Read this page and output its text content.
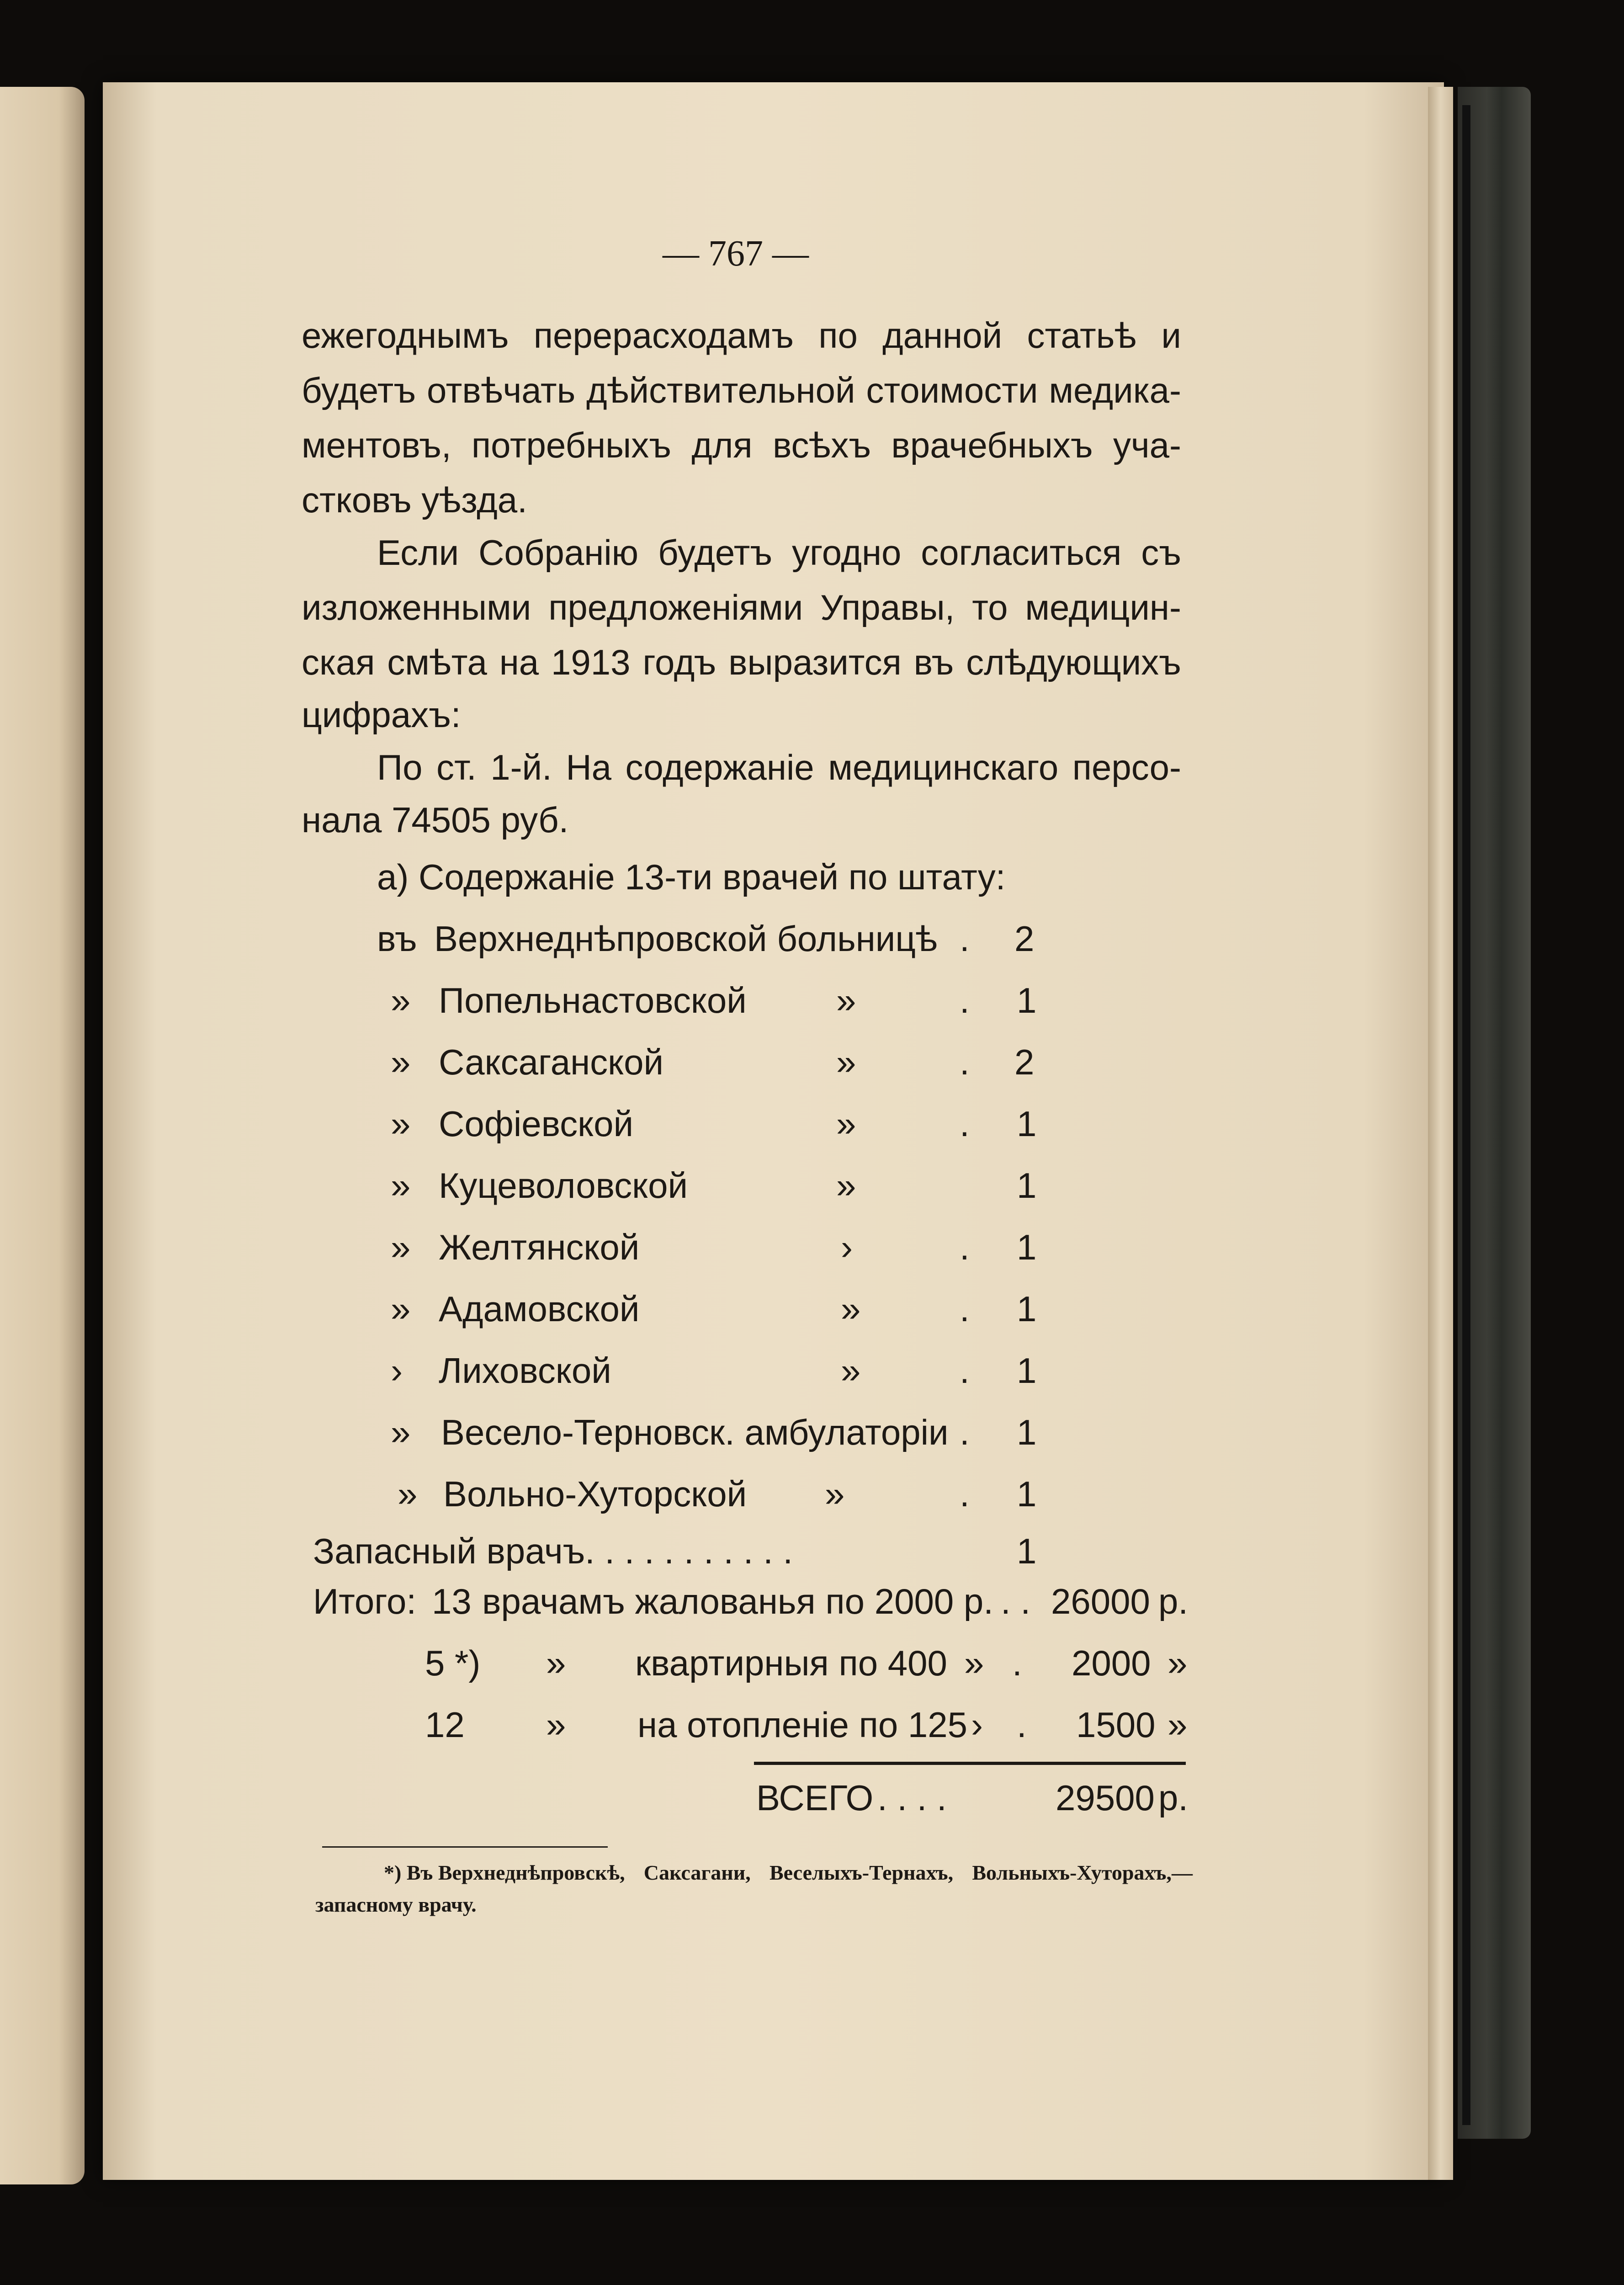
— 767 —
ежегоднымъ перерасходамъ по данной статьѣ и
будетъ отвѣчать дѣйствительной стоимости медика-
ментовъ, потребныхъ для всѣхъ врачебныхъ уча-
стковъ уѣзда.
Если Собранію будетъ угодно согласиться съ
изложенными предложеніями Управы, то медицин-
ская смѣта на 1913 годъ выразится въ слѣдующихъ
цифрахъ:
По ст. 1-й. На содержаніе медицинскаго персо-
нала 74505 руб.
а) Содержаніе 13-ти врачей по штату:
въ Верхнеднѣпровской больницѣ . 2
» Попельнастовской	»	. 1
» Саксаганской	»	. 2
» Софіевской	»	. 1
» Куцеволовской	»	1
» Желтянской	›	. 1
» Адамовской	»	. 1
› Лиховской	»	. 1
» Весело-Терновск. амбулаторіи . 1
» Вольно-Хуторской »	. 1
Запасный врачъ . . . . . . . . . . .	1
Итого: 13 врачамъ жалованья по 2000 р. . . 26000 р.
5 *) » квартирныя по 400 » . 2000 »
12 » на отопленіе по 125 › . 1500 »
ВСЕГО . . . .	29500 р.
*) Въ Верхнеднѣпровскѣ, Саксагани, Веселыхъ-Тернахъ, Вольныхъ-Хуторахъ,—
запасному врачу.
